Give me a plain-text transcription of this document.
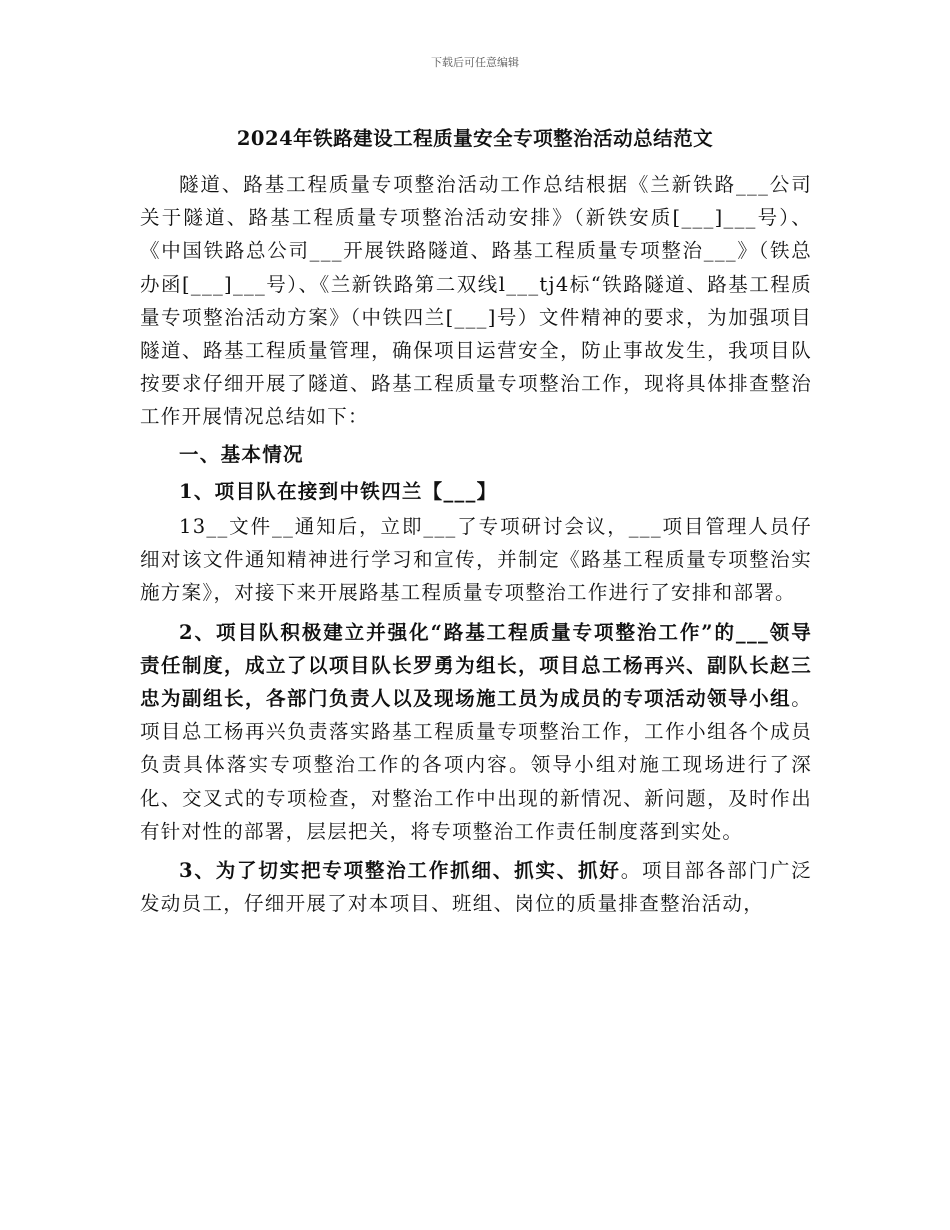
下载后可任意编辑
2024年铁路建设工程质量安全专项整治活动总结范文

隧道、路基工程质量专项整治活动工作总结根据《兰新铁路___公司关于隧道、路基工程质量专项整治活动安排》（新铁安质[___]___号）、《中国铁路总公司___开展铁路隧道、路基工程质量专项整治___》（铁总办函[___]___号）、《兰新铁路第二双线l___tj4标“铁路隧道、路基工程质量专项整治活动方案》（中铁四兰[___]号）文件精神的要求，为加强项目隧道、路基工程质量管理，确保项目运营安全，防止事故发生，我项目队按要求仔细开展了隧道、路基工程质量专项整治工作，现将具体排查整治工作开展情况总结如下：

一、基本情况

1、项目队在接到中铁四兰【___】

13__文件__通知后，立即___了专项研讨会议，___项目管理人员仔细对该文件通知精神进行学习和宣传，并制定《路基工程质量专项整治实施方案》，对接下来开展路基工程质量专项整治工作进行了安排和部署。

2、项目队积极建立并强化“路基工程质量专项整治工作”的___领导责任制度，成立了以项目队长罗勇为组长，项目总工杨再兴、副队长赵三忠为副组长，各部门负责人以及现场施工员为成员的专项活动领导小组。项目总工杨再兴负责落实路基工程质量专项整治工作，工作小组各个成员负责具体落实专项整治工作的各项内容。领导小组对施工现场进行了深化、交叉式的专项检查，对整治工作中出现的新情况、新问题，及时作出有针对性的部署，层层把关，将专项整治工作责任制度落到实处。

3、为了切实把专项整治工作抓细、抓实、抓好。项目部各部门广泛发动员工，仔细开展了对本项目、班组、岗位的质量排查整治活动，
